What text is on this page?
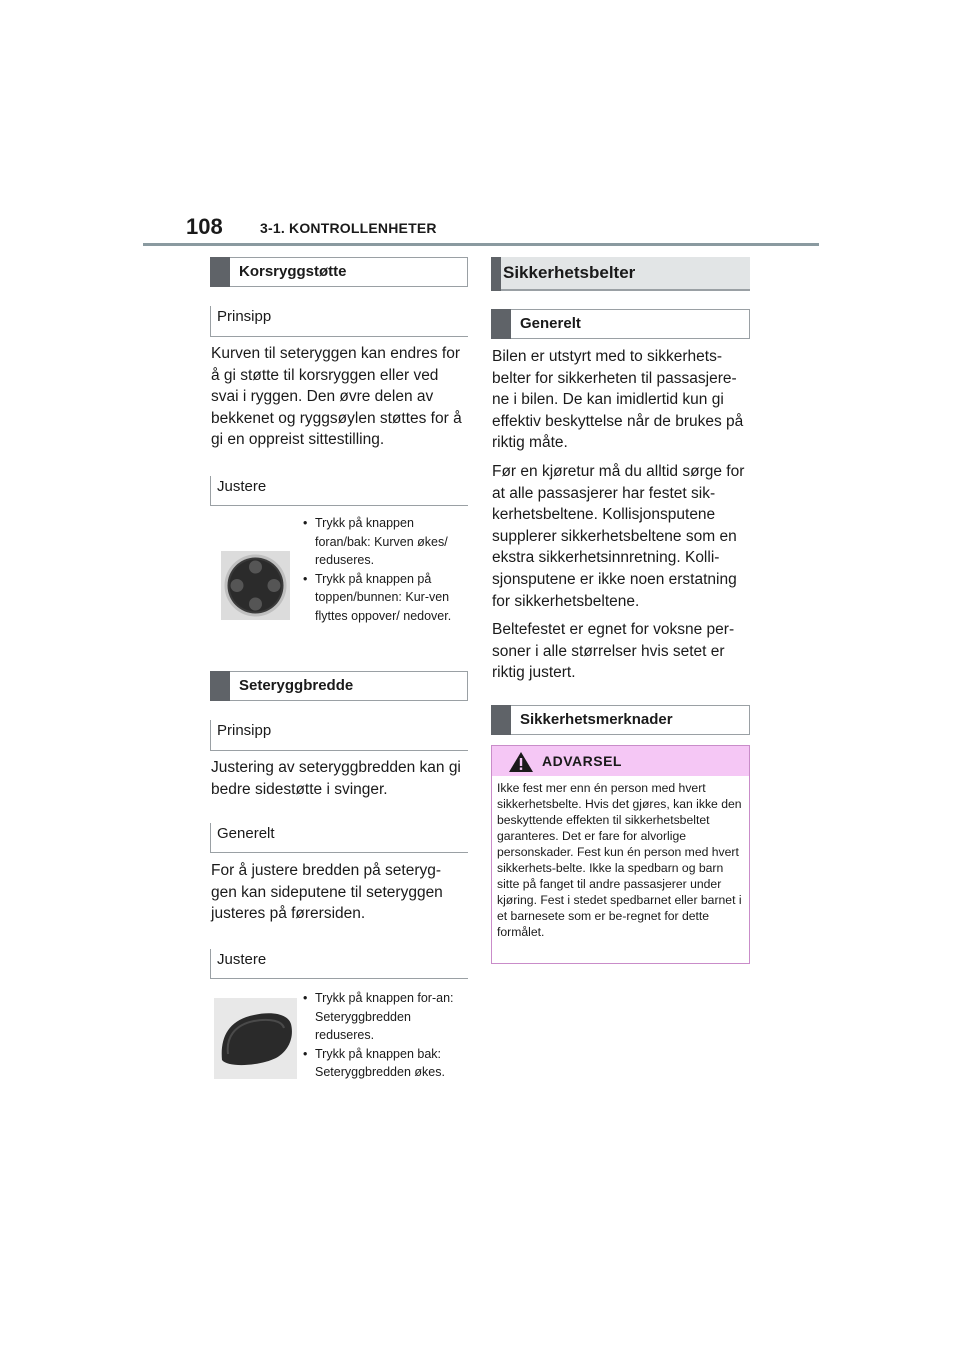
108	3-1. KONTROLLENHETER
Korsryggstøtte
Prinsipp

Kurven til seteryggen kan endres for å gi støtte til korsryggen eller ved svai i ryggen. Den øvre delen av bekkenet og ryggsøylen støttes for å gi en oppreist sittestilling.

Justere
• Trykk på knappen foran/bak: Kurven økes/ reduseres.
• Trykk på knappen på toppen/bunnen: Kur-ven flyttes oppover/ nedover.
Seteryggbredde
Prinsipp

Justering av seteryggbredden kan gi bedre sidestøtte i svinger.

Generelt

For å justere bredden på seteryg-gen kan sideputene til seteryggen justeres på førersiden.

Justere
• Trykk på knappen for-an: Seteryggbredden reduseres.
• Trykk på knappen bak: Seteryggbredden økes.
Sikkerhetsbelter
Generelt

Bilen er utstyrt med to sikkerhets-belter for sikkerheten til passasjere-ne i bilen. De kan imidlertid kun gi effektiv beskyttelse når de brukes på riktig måte.

Før en kjøretur må du alltid sørge for at alle passasjerer har festet sik-kerhetsbeltene. Kollisjonsputene supplerer sikkerhetsbeltene som en ekstra sikkerhetsinnretning. Kolli-sjonsputene er ikke noen erstatning for sikkerhetsbeltene.

Beltefestet er egnet for voksne per-soner i alle størrelser hvis setet er riktig justert.

Sikkerhetsmerknader
ADVARSEL
Ikke fest mer enn én person med hvert sikkerhetsbelte. Hvis det gjøres, kan ikke den beskyttende effekten til sikkerhetsbeltet garanteres. Det er fare for alvorlige personskader. Fest kun én person med hvert sikkerhets-belte. Ikke la spedbarn og barn sitte på fanget til andre passasjerer under kjøring. Fest i stedet spedbarnet eller barnet i et barnesete som er be-regnet for dette formålet.
